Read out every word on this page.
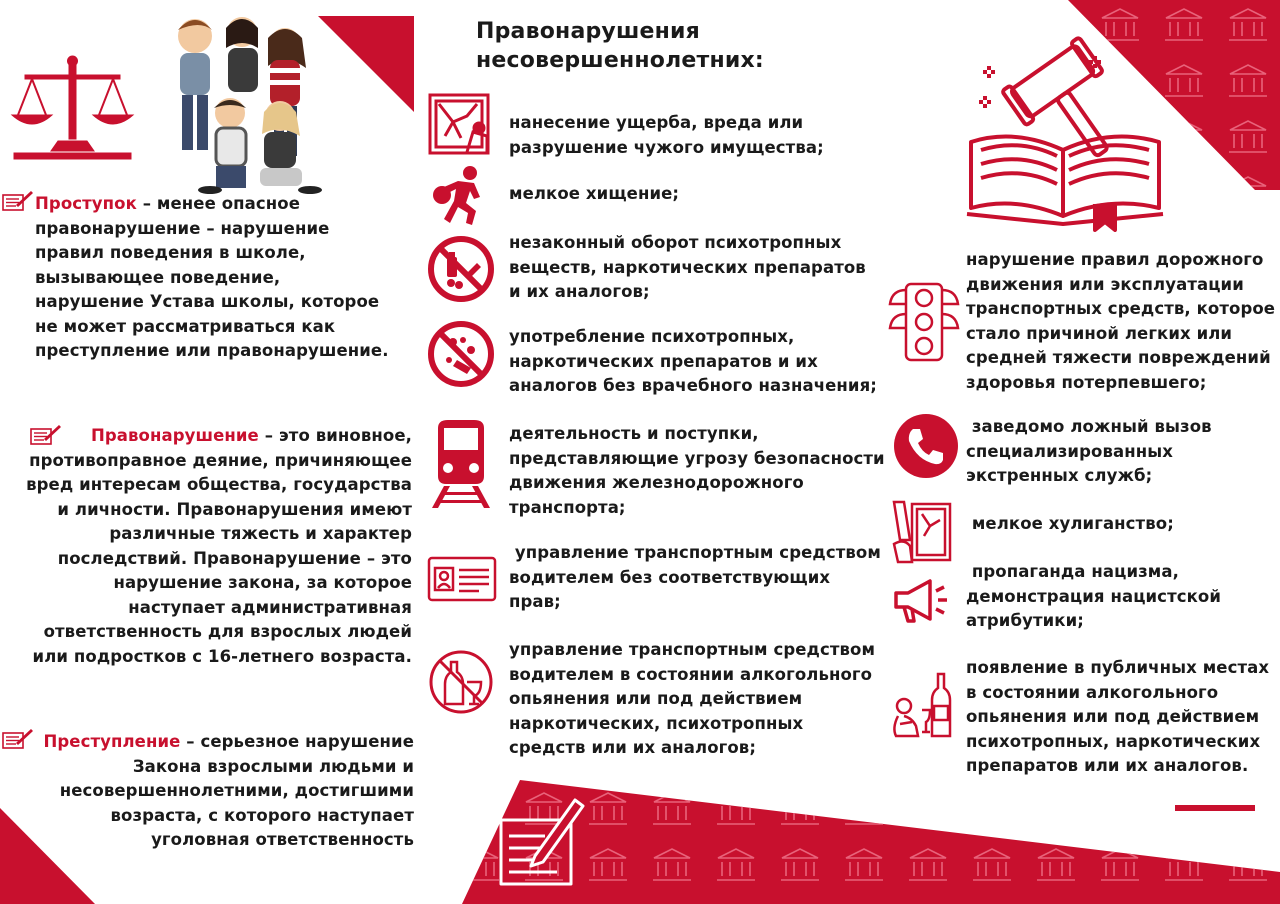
Правонарушения
несовершеннолетних:

Проступок – менее опасное

правонарушение – нарушение

правил поведения в школе,

вызывающее поведение,

нарушение Устава школы, которое

не может рассматриваться как

преступление или правонарушение.

Правонарушение – это виновное,

противоправное деяние, причиняющее

вред интересам общества, государства

и личности. Правонарушения имеют

различные тяжесть и характер

последствий. Правонарушение – это

нарушение закона, за которое

наступает административная

ответственность для взрослых людей

или подростков с 16-летнего возраста.

Преступление – серьезное нарушение

Закона взрослыми людьми и

несовершеннолетними, достигшими

возраста, с которого наступает

уголовная ответственность

нанесение ущерба, вреда или
разрушение чужого имущества;
мелкое хищение;
незаконный оборот психотропных
веществ, наркотических препаратов
и их аналогов;
употребление психотропных,
наркотических препаратов и их
аналогов без врачебного назначения;
деятельность и поступки,
представляющие угрозу безопасности
движения железнодорожного
транспорта;
управление транспортным средством
водителем без соответствующих
прав;
управление транспортным средством
водителем в состоянии алкогольного
опьянения или под действием
наркотических, психотропных
средств или их аналогов;
нарушение правил дорожного
движения или эксплуатации
транспортных средств, которое
стало причиной легких или
средней тяжести повреждений
здоровья потерпевшего;
заведомо ложный вызов
специализированных
экстренных служб;
мелкое хулиганство;
пропаганда нацизма,
демонстрация нацистской
атрибутики;
появление в публичных местах
в состоянии алкогольного
опьянения или под действием
психотропных, наркотических
препаратов или их аналогов.
